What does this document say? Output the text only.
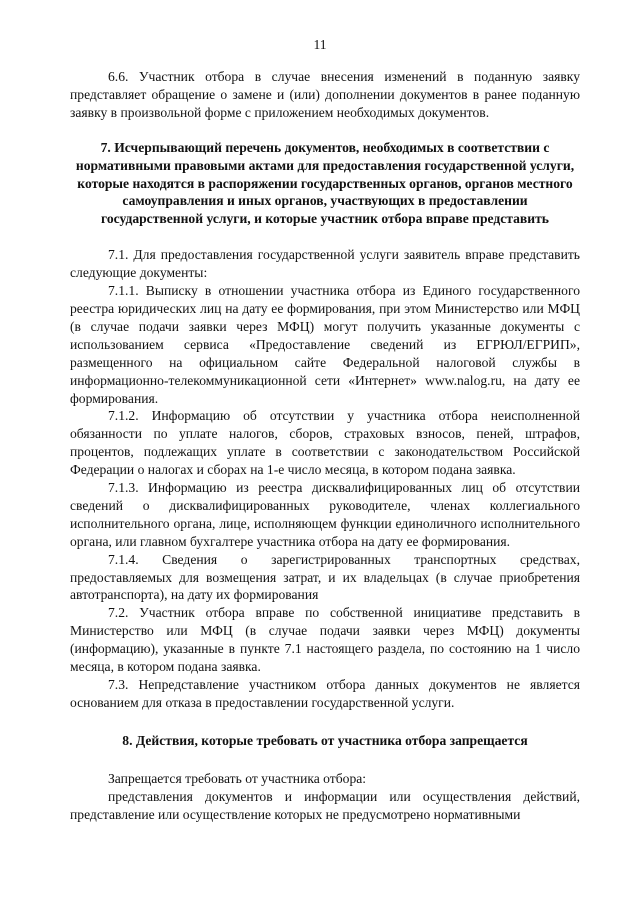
11

6.6. Участник отбора в случае внесения изменений в поданную заявку представляет обращение о замене и (или) дополнении документов в ранее поданную заявку в произвольной форме с приложением необходимых документов.

7. Исчерпывающий перечень документов, необходимых в соответствии с нормативными правовыми актами для предоставления государственной услуги, которые находятся в распоряжении государственных органов, органов местного самоуправления и иных органов, участвующих в предоставлении государственной услуги, и которые участник отбора вправе представить

7.1. Для предоставления государственной услуги заявитель вправе представить следующие документы:

7.1.1. Выписку в отношении участника отбора из Единого государственного реестра юридических лиц на дату ее формирования, при этом Министерство или МФЦ (в случае подачи заявки через МФЦ) могут получить указанные документы с использованием сервиса «Предоставление сведений из ЕГРЮЛ/ЕГРИП», размещенного на официальном сайте Федеральной налоговой службы в информационно-телекоммуникационной сети «Интернет» www.nalog.ru, на дату ее формирования.

7.1.2. Информацию об отсутствии у участника отбора неисполненной обязанности по уплате налогов, сборов, страховых взносов, пеней, штрафов, процентов, подлежащих уплате в соответствии с законодательством Российской Федерации о налогах и сборах на 1-е число месяца, в котором подана заявка.

7.1.3. Информацию из реестра дисквалифицированных лиц об отсутствии сведений о дисквалифицированных руководителе, членах коллегиального исполнительного органа, лице, исполняющем функции единоличного исполнительного органа, или главном бухгалтере участника отбора на дату ее формирования.

7.1.4. Сведения о зарегистрированных транспортных средствах, предоставляемых для возмещения затрат, и их владельцах (в случае приобретения автотранспорта), на дату их формирования

7.2. Участник отбора вправе по собственной инициативе представить в Министерство или МФЦ (в случае подачи заявки через МФЦ) документы (информацию), указанные в пункте 7.1 настоящего раздела, по состоянию на 1 число месяца, в котором подана заявка.

7.3. Непредставление участником отбора данных документов не является основанием для отказа в предоставлении государственной услуги.

8. Действия, которые требовать от участника отбора запрещается

Запрещается требовать от участника отбора:

представления документов и информации или осуществления действий, представление или осуществление которых не предусмотрено нормативными
